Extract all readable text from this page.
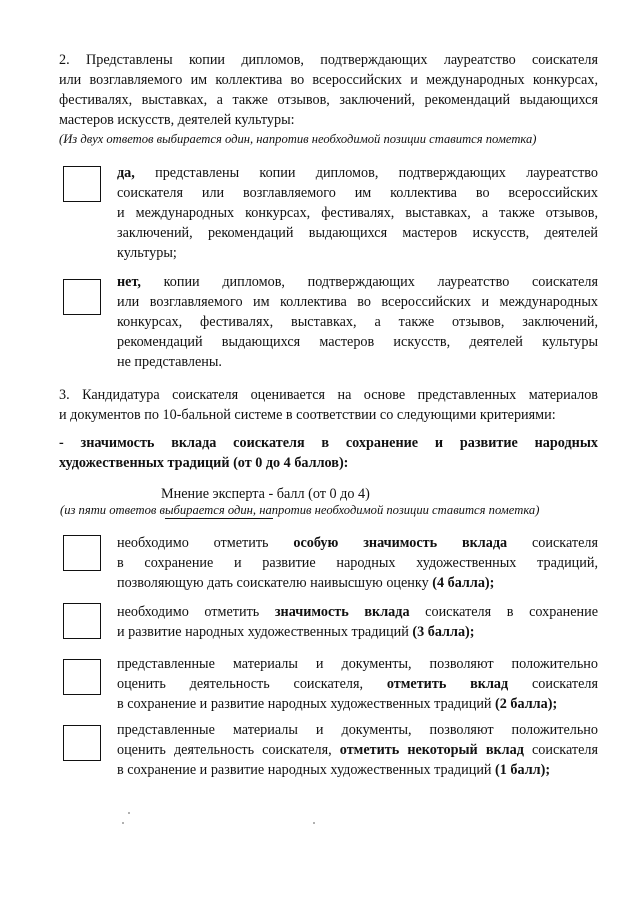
2. Представлены копии дипломов, подтверждающих лауреатство соискателя
или возглавляемого им коллектива во всероссийских и международных конкурсах,
фестивалях, выставках, а также отзывов, заключений, рекомендаций выдающихся
мастеров искусств, деятелей культуры:
(Из двух ответов выбирается один, напротив необходимой позиции ставится пометка)
да, представлены копии дипломов, подтверждающих лауреатство
соискателя или возглавляемого им коллектива во всероссийских
и международных конкурсах, фестивалях, выставках, а также отзывов,
заключений, рекомендаций выдающихся мастеров искусств, деятелей
культуры;
нет, копии дипломов, подтверждающих лауреатство соискателя
или возглавляемого им коллектива во всероссийских и международных
конкурсах, фестивалях, выставках, а также отзывов, заключений,
рекомендаций выдающихся мастеров искусств, деятелей культуры
не представлены.
3. Кандидатура соискателя оценивается на основе представленных материалов
и документов по 10-бальной системе в соответствии со следующими критериями:
- значимость вклада соискателя в сохранение и развитие народных
художественных традиций (от 0 до 4 баллов):
Мнение эксперта - балл (от 0 до 4)
(из пяти ответов выбирается один, напротив необходимой позиции ставится пометка)
необходимо отметить особую значимость вклада соискателя
в сохранение и развитие народных художественных традиций,
позволяющую дать соискателю наивысшую оценку (4 балла);
необходимо отметить значимость вклада соискателя в сохранение
и развитие народных художественных традиций (3 балла);
представленные материалы и документы, позволяют положительно
оценить деятельность соискателя, отметить вклад соискателя
в сохранение и развитие народных художественных традиций (2 балла);
представленные материалы и документы, позволяют положительно
оценить деятельность соискателя, отметить некоторый вклад соискателя
в сохранение и развитие народных художественных традиций (1 балл);
